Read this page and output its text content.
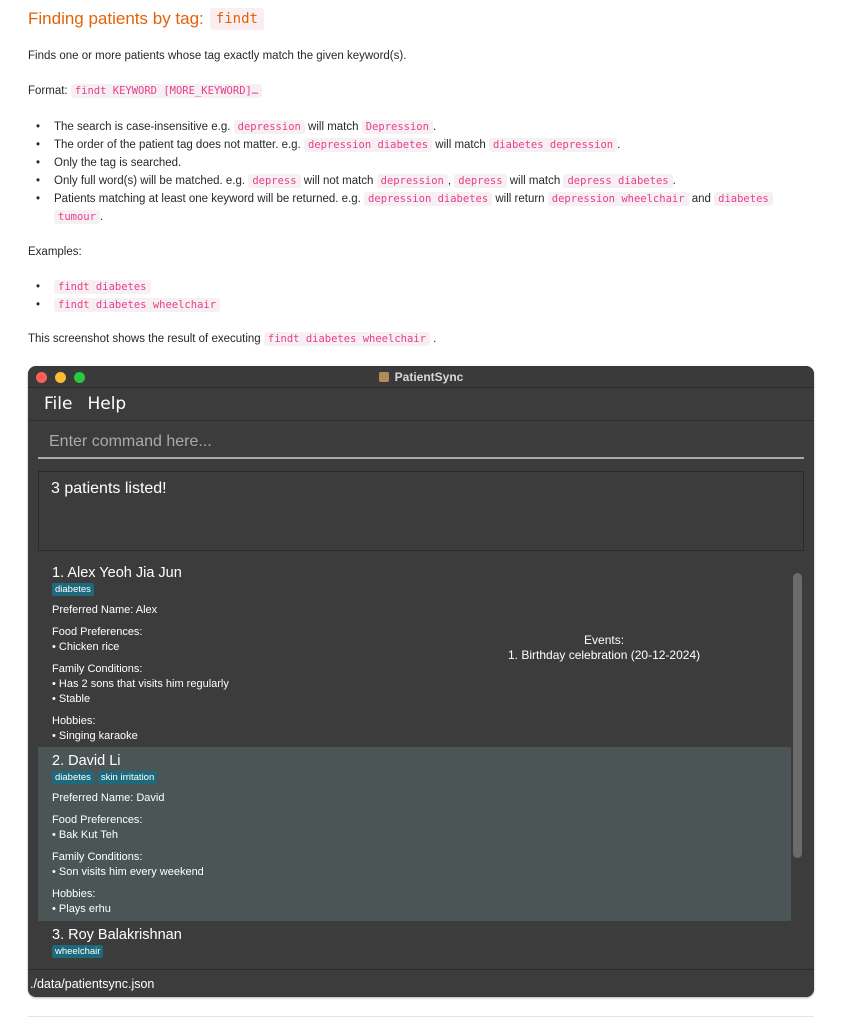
Finding patients by tag: findt

Finds one or more patients whose tag exactly match the given keyword(s).

Format: findt KEYWORD [MORE_KEYWORD]…

• The search is case-insensitive e.g. depression will match Depression .
• The order of the patient tag does not matter. e.g. depression diabetes will match diabetes depression .
• Only the tag is searched.
• Only full word(s) will be matched. e.g. depress will not match depression , depress will match depress diabetes .
• Patients matching at least one keyword will be returned. e.g. depression diabetes will return depression wheelchair and diabetes
tumour .

Examples:

• findt diabetes
• findt diabetes wheelchair

This screenshot shows the result of executing findt diabetes wheelchair .

PatientSync
File Help
Enter command here...
3 patients listed!
1. Alex Yeoh Jia Jun
diabetes
Preferred Name: Alex
Food Preferences:
• Chicken rice
Family Conditions:
• Has 2 sons that visits him regularly
• Stable
Hobbies:
• Singing karaoke
Events:
1. Birthday celebration (20-12-2024)
2. David Li
diabetes	skin irritation
Preferred Name: David
Food Preferences:
• Bak Kut Teh
Family Conditions:
• Son visits him every weekend
Hobbies:
• Plays erhu
3. Roy Balakrishnan
wheelchair
./data/patientsync.json
